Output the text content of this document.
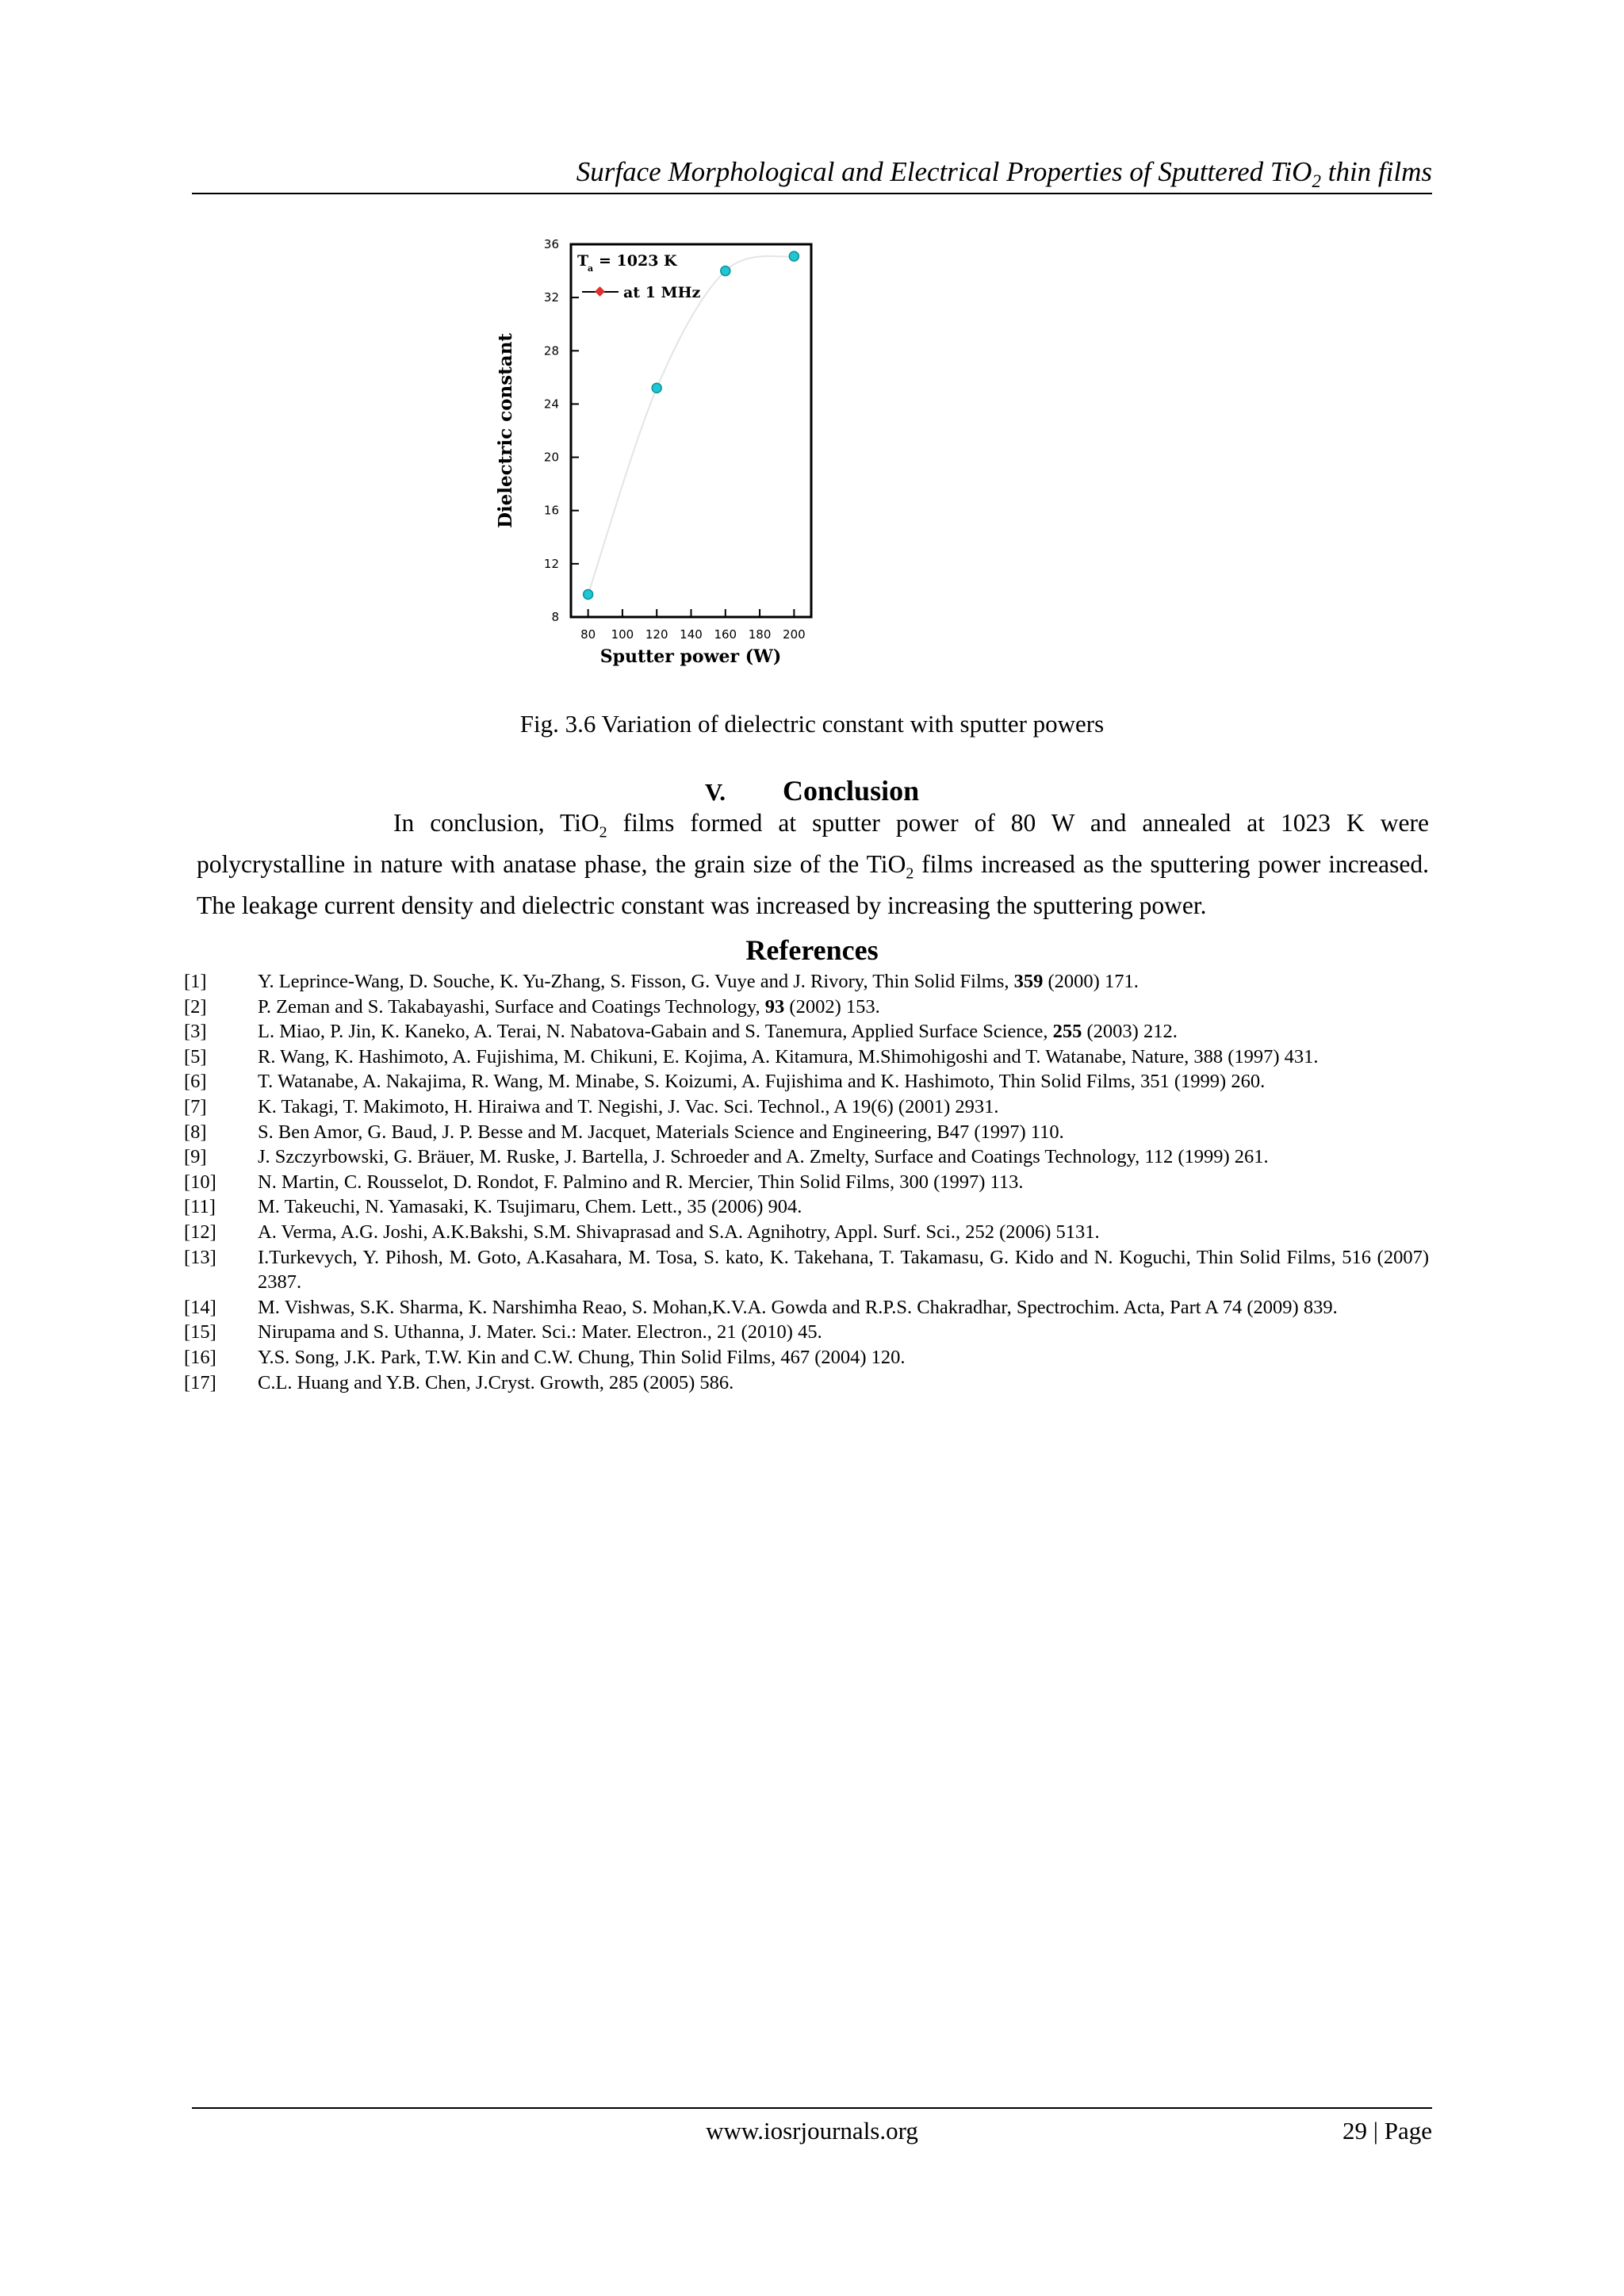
Surface Morphological and Electrical Properties of Sputtered TiO$_2$ thin films
8
12
16
20
24
28
32
36
80 100 120 140 160 180 200
T
a = 1023 K
at 1 MHz
Sputter power (W)
Dielectric constant
Fig. 3.6 Variation of dielectric constant with sputter powers
V. Conclusion
In conclusion, TiO$_2$ films formed at sputter power of 80 W and annealed at 1023 K were polycrystalline in nature with anatase phase, the grain size of the TiO$_2$ films increased as the sputtering power increased. The leakage current density and dielectric constant was increased by increasing the sputtering power.
References
[1]	Y. Leprince-Wang, D. Souche, K. Yu-Zhang, S. Fisson, G. Vuye and J. Rivory, Thin Solid Films, 359 (2000) 171.
[2]	P. Zeman and S. Takabayashi, Surface and Coatings Technology, 93 (2002) 153.
[3]	L. Miao, P. Jin, K. Kaneko, A. Terai, N. Nabatova-Gabain and S. Tanemura, Applied Surface Science, 255 (2003) 212.
[5]	R. Wang, K. Hashimoto, A. Fujishima, M. Chikuni, E. Kojima, A. Kitamura, M.Shimohigoshi and T. Watanabe, Nature, 388 (1997) 431.
[6]	T. Watanabe, A. Nakajima, R. Wang, M. Minabe, S. Koizumi, A. Fujishima and K. Hashimoto, Thin Solid Films, 351 (1999) 260.
[7]	K. Takagi, T. Makimoto, H. Hiraiwa and T. Negishi, J. Vac. Sci. Technol., A 19(6) (2001) 2931.
[8]	S. Ben Amor, G. Baud, J. P. Besse and M. Jacquet, Materials Science and Engineering, B47 (1997) 110.
[9]	J. Szczyrbowski, G. Bräuer, M. Ruske, J. Bartella, J. Schroeder and A. Zmelty, Surface and Coatings Technology, 112 (1999) 261.
[10]	N. Martin, C. Rousselot, D. Rondot, F. Palmino and R. Mercier, Thin Solid Films, 300 (1997) 113.
[11]	M. Takeuchi, N. Yamasaki, K. Tsujimaru, Chem. Lett., 35 (2006) 904.
[12]	A. Verma, A.G. Joshi, A.K.Bakshi, S.M. Shivaprasad and S.A. Agnihotry, Appl. Surf. Sci., 252 (2006) 5131.
[13]	I.Turkevych, Y. Pihosh, M. Goto, A.Kasahara, M. Tosa, S. kato, K. Takehana, T. Takamasu, G. Kido and N. Koguchi, Thin Solid Films, 516 (2007) 2387.
[14]	M. Vishwas, S.K. Sharma, K. Narshimha Reao, S. Mohan,K.V.A. Gowda and R.P.S. Chakradhar, Spectrochim. Acta, Part A 74 (2009) 839.
[15]	Nirupama and S. Uthanna, J. Mater. Sci.: Mater. Electron., 21 (2010) 45.
[16]	Y.S. Song, J.K. Park, T.W. Kin and C.W. Chung, Thin Solid Films, 467 (2004) 120.
[17]	C.L. Huang and Y.B. Chen, J.Cryst. Growth, 285 (2005) 586.
www.iosrjournals.org	29 | Page
